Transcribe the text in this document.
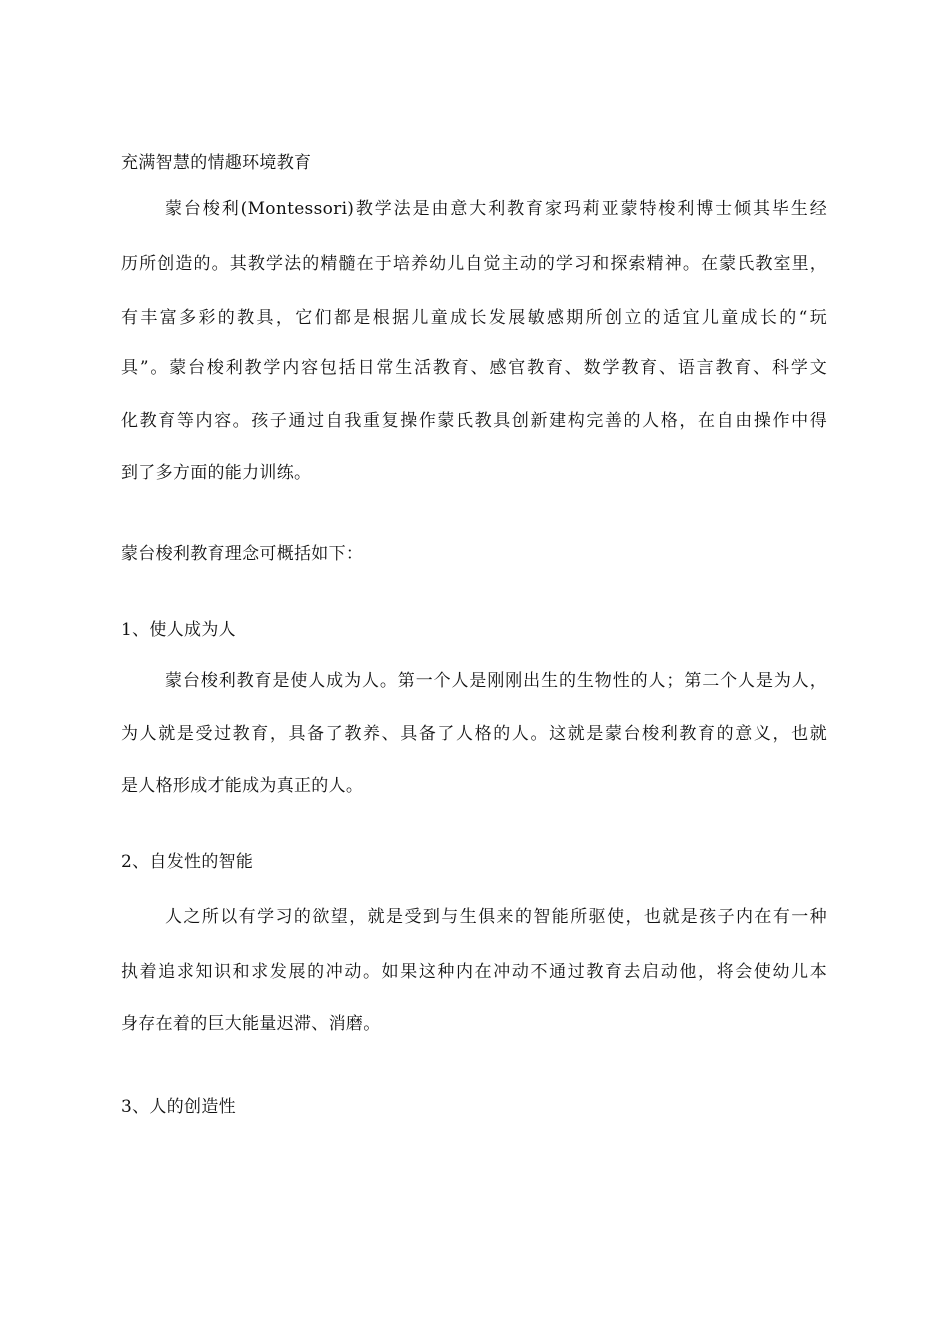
充满智慧的情趣环境教育
蒙台梭利(Montessori)教学法是由意大利教育家玛莉亚蒙特梭利博士倾其毕生经
历所创造的。其教学法的精髓在于培养幼儿自觉主动的学习和探索精神。在蒙氏教室里，
有丰富多彩的教具，它们都是根据儿童成长发展敏感期所创立的适宜儿童成长的“玩
具”。蒙台梭利教学内容包括日常生活教育、感官教育、数学教育、语言教育、科学文
化教育等内容。孩子通过自我重复操作蒙氏教具创新建构完善的人格，在自由操作中得
到了多方面的能力训练。
蒙台梭利教育理念可概括如下：
1、使人成为人
蒙台梭利教育是使人成为人。第一个人是刚刚出生的生物性的人；第二个人是为人，
为人就是受过教育，具备了教养、具备了人格的人。这就是蒙台梭利教育的意义，也就
是人格形成才能成为真正的人。
2、自发性的智能
人之所以有学习的欲望，就是受到与生俱来的智能所驱使，也就是孩子内在有一种
执着追求知识和求发展的冲动。如果这种内在冲动不通过教育去启动他，将会使幼儿本
身存在着的巨大能量迟滞、消磨。
3、人的创造性
